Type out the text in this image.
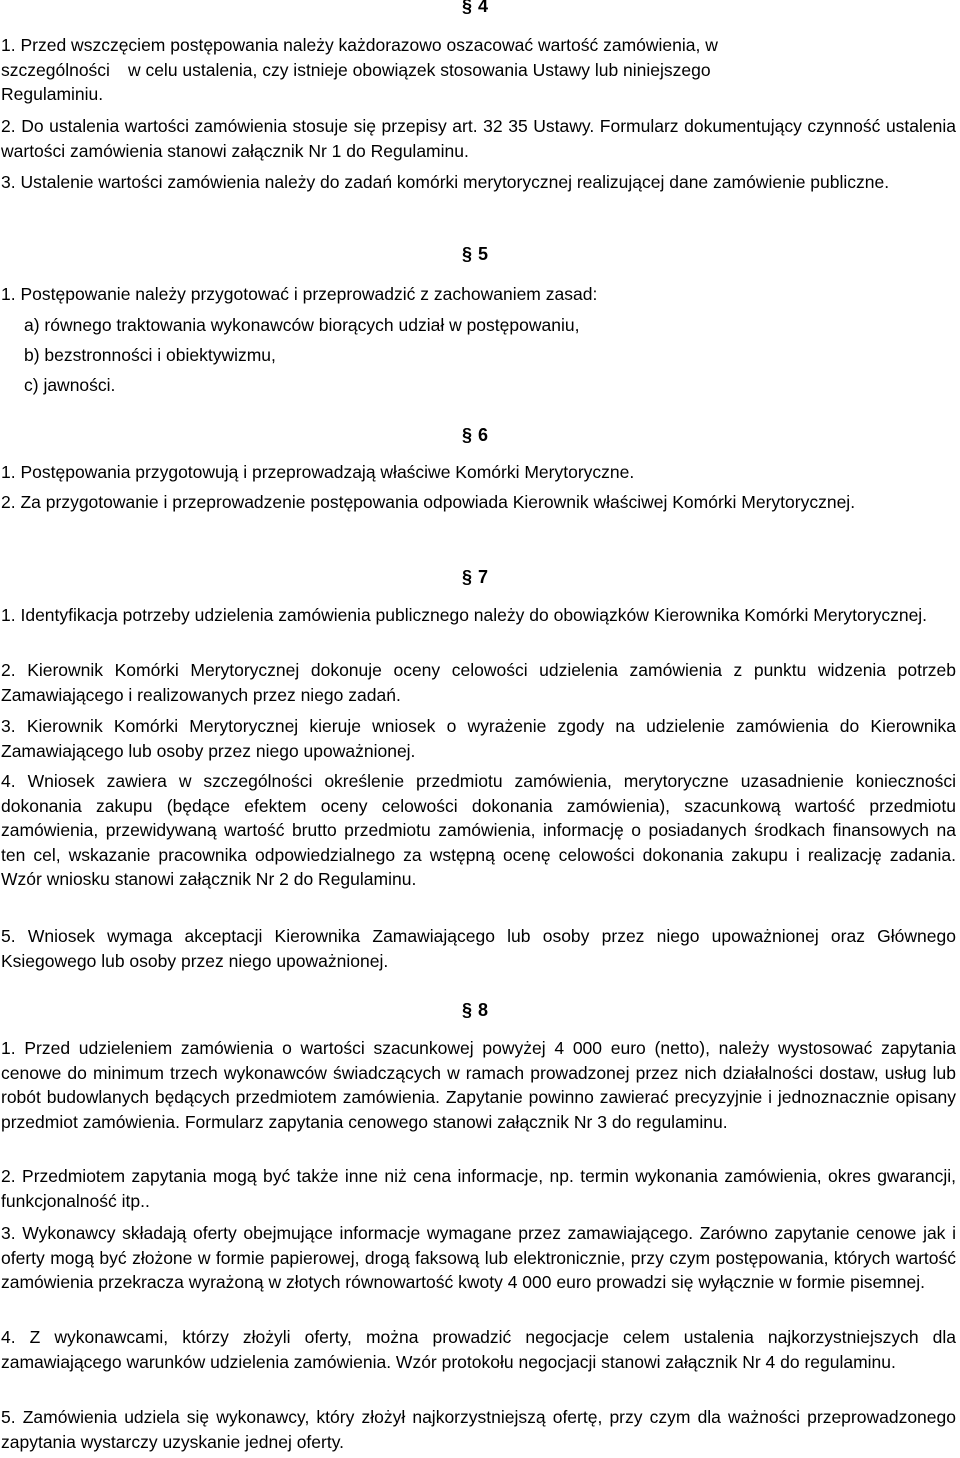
§ 4
1. Przed wszczęciem postępowania należy każdorazowo oszacować wartość zamówienia, w
szczególności w celu ustalenia, czy istnieje obowiązek stosowania Ustawy lub niniejszego
Regulaminiu.
2. Do ustalenia wartości zamówienia stosuje się przepisy art. 32 35 Ustawy. Formularz dokumentujący czynność ustalenia wartości zamówienia stanowi załącznik Nr 1 do Regulaminu.
3. Ustalenie wartości zamówienia należy do zadań komórki merytorycznej realizującej dane zamówienie publiczne.
§ 5
1. Postępowanie należy przygotować i przeprowadzić z zachowaniem zasad:
a) równego traktowania wykonawców biorących udział w postępowaniu,
b) bezstronności i obiektywizmu,
c) jawności.
§ 6
1. Postępowania przygotowują i przeprowadzają właściwe Komórki Merytoryczne.
2. Za przygotowanie i przeprowadzenie postępowania odpowiada Kierownik właściwej Komórki Merytorycznej.
§ 7
1. Identyfikacja potrzeby udzielenia zamówienia publicznego należy do obowiązków Kierownika Komórki Merytorycznej.
2. Kierownik Komórki Merytorycznej dokonuje oceny celowości udzielenia zamówienia z punktu widzenia potrzeb Zamawiającego i realizowanych przez niego zadań.
3. Kierownik Komórki Merytorycznej kieruje wniosek o wyrażenie zgody na udzielenie zamówienia do Kierownika Zamawiającego lub osoby przez niego upoważnionej.
4. Wniosek zawiera w szczególności określenie przedmiotu zamówienia, merytoryczne uzasadnienie konieczności dokonania zakupu (będące efektem oceny celowości dokonania zamówienia), szacunkową wartość przedmiotu zamówienia, przewidywaną wartość brutto przedmiotu zamówienia, informację o posiadanych środkach finansowych na ten cel, wskazanie pracownika odpowiedzialnego za wstępną ocenę celowości dokonania zakupu i realizację zadania. Wzór wniosku stanowi załącznik Nr 2 do Regulaminu.
5. Wniosek wymaga akceptacji Kierownika Zamawiającego lub osoby przez niego upoważnionej oraz Głównego Ksiegowego lub osoby przez niego upoważnionej.
§ 8
1. Przed udzieleniem zamówienia o wartości szacunkowej powyżej 4 000 euro (netto), należy wystosować zapytania cenowe do minimum trzech wykonawców świadczących w ramach prowadzonej przez nich działalności dostaw, usług lub robót budowlanych będących przedmiotem zamówienia. Zapytanie powinno zawierać precyzyjnie i jednoznacznie opisany przedmiot zamówienia. Formularz zapytania cenowego stanowi załącznik Nr 3 do regulaminu.
2. Przedmiotem zapytania mogą być także inne niż cena informacje, np. termin wykonania zamówienia, okres gwarancji, funkcjonalność itp..
3. Wykonawcy składają oferty obejmujące informacje wymagane przez zamawiającego. Zarówno zapytanie cenowe jak i oferty mogą być złożone w formie papierowej, drogą faksową lub elektronicznie, przy czym postępowania, których wartość zamówienia przekracza wyrażoną w złotych równowartość kwoty 4 000 euro prowadzi się wyłącznie w formie pisemnej.
4. Z wykonawcami, którzy złożyli oferty, można prowadzić negocjacje celem ustalenia najkorzystniejszych dla zamawiającego warunków udzielenia zamówienia. Wzór protokołu negocjacji stanowi załącznik Nr 4 do regulaminu.
5. Zamówienia udziela się wykonawcy, który złożył najkorzystniejszą ofertę, przy czym dla ważności przeprowadzonego zapytania wystarczy uzyskanie jednej oferty.
